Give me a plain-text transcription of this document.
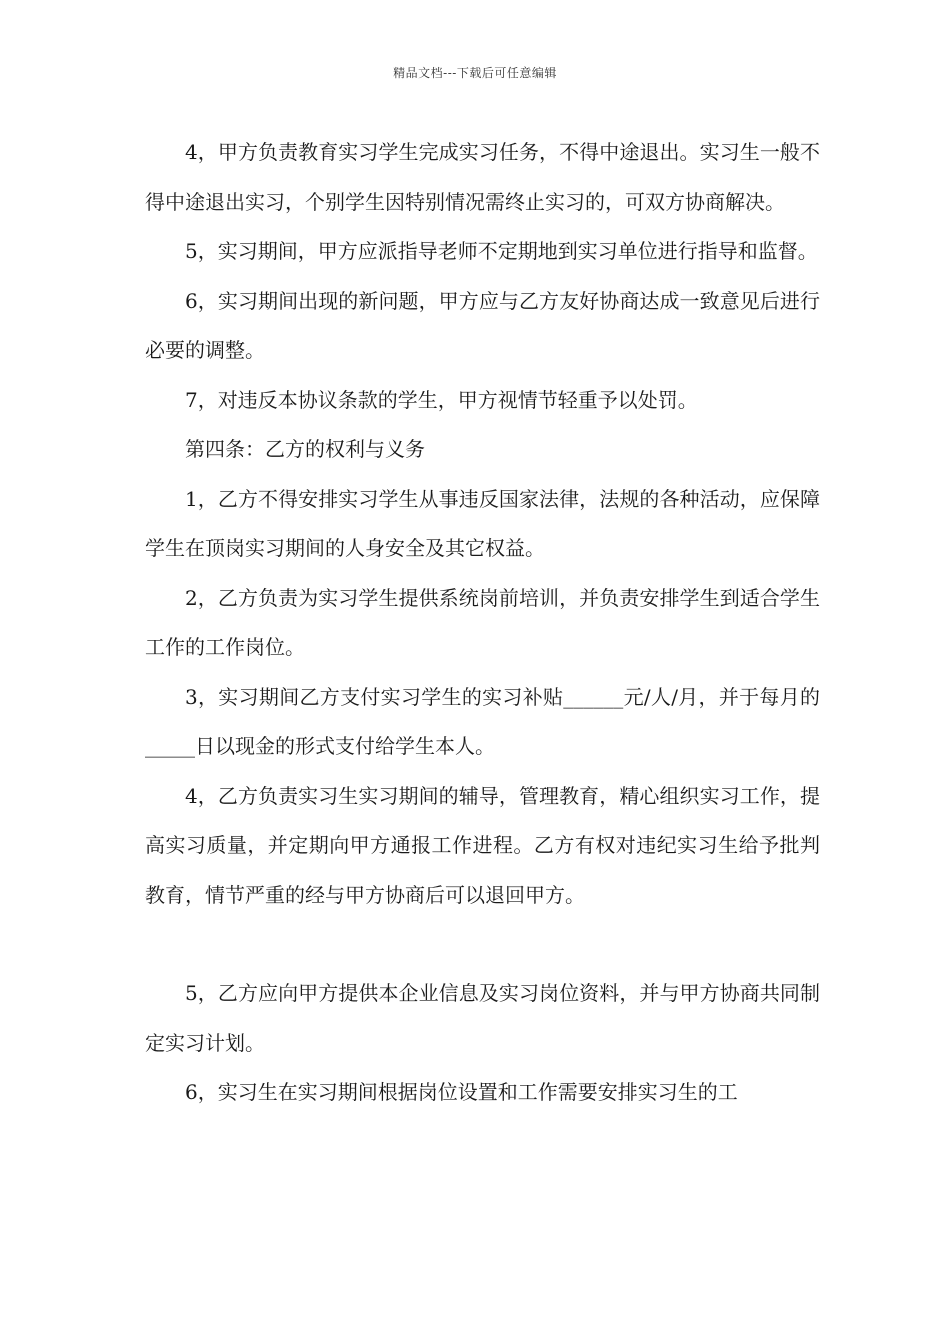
精品文档---下载后可任意编辑

4，甲方负责教育实习学生完成实习任务，不得中途退出。实习生一般不得中途退出实习，个别学生因特别情况需终止实习的，可双方协商解决。

5，实习期间，甲方应派指导老师不定期地到实习单位进行指导和监督。

6，实习期间出现的新问题，甲方应与乙方友好协商达成一致意见后进行必要的调整。

7，对违反本协议条款的学生，甲方视情节轻重予以处罚。

第四条：乙方的权利与义务

1，乙方不得安排实习学生从事违反国家法律，法规的各种活动，应保障学生在顶岗实习期间的人身安全及其它权益。

2，乙方负责为实习学生提供系统岗前培训，并负责安排学生到适合学生工作的工作岗位。

3，实习期间乙方支付实习学生的实习补贴______元/人/月，并于每月的_____日以现金的形式支付给学生本人。

4，乙方负责实习生实习期间的辅导，管理教育，精心组织实习工作，提高实习质量，并定期向甲方通报工作进程。乙方有权对违纪实习生给予批判教育，情节严重的经与甲方协商后可以退回甲方。

5，乙方应向甲方提供本企业信息及实习岗位资料，并与甲方协商共同制定实习计划。

6，实习生在实习期间根据岗位设置和工作需要安排实习生的工
